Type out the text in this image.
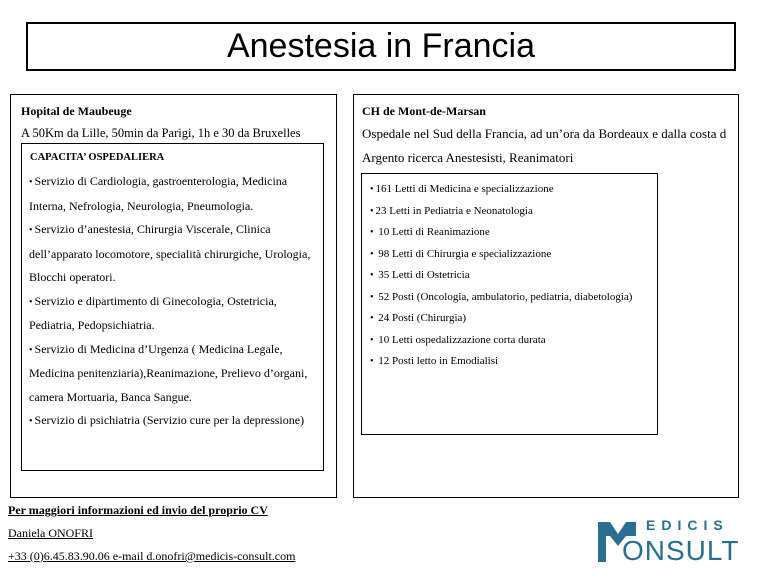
Anestesia in Francia

Hopital de Maubeuge
A 50Km da Lille, 50min da Parigi, 1h e 30 da Bruxelles
CAPACITA’ OSPEDALIERA
• Servizio di Cardiologia, gastroenterologia, Medicina Interna, Nefrologia, Neurologia, Pneumologia.
• Servizio d’anestesia, Chirurgia Viscerale, Clinica dell’apparato locomotore, specialità chirurgiche, Urologia, Blocchi operatori.
• Servizio e dipartimento di Ginecologia, Ostetricia, Pediatria, Pedopsichiatria.
• Servizio di Medicina d’Urgenza ( Medicina Legale, Medicina penitenziaria),Reanimazione, Prelievo d’organi, camera Mortuaria, Banca Sangue.
• Servizio di psichiatria (Servizio cure per la depressione)
CH de Mont-de-Marsan
Ospedale nel Sud della Francia, ad un’ora da Bordeaux e dalla costa d Argento ricerca Anestesisti, Reanimatori
• 161 Letti di Medicina e specializzazione
• 23 Letti in Pediatria e Neonatologia
• 10 Letti di Reanimazione
• 98 Letti di Chirurgia e specializzazione
• 35 Letti di Ostetricia
• 52 Posti (Oncologia, ambulatorio, pediatria, diabetologia)
• 24 Posti (Chirurgia)
• 10 Letti ospedalizzazione corta durata
• 12 Posti letto in Emodialisi
Per maggiori informazioni ed invio del proprio CV
Daniela ONOFRI
+33 (0)6.45.83.90.06 e-mail d.onofri@medicis-consult.com
EDICIS
ONSULT
